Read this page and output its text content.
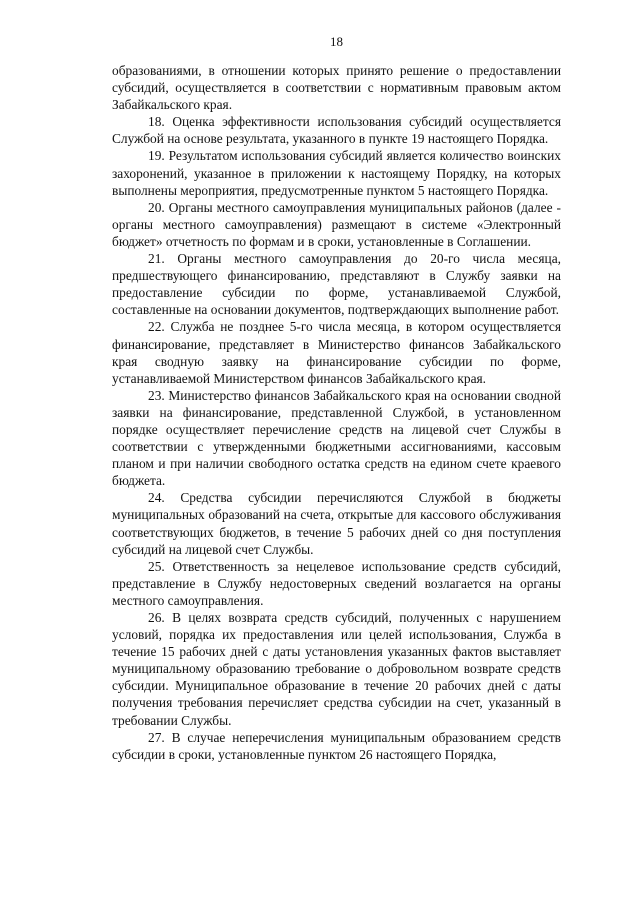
18

образованиями, в отношении которых принято решение о предоставлении субсидий, осуществляется в соответствии с нормативным правовым актом Забайкальского края.

18. Оценка эффективности использования субсидий осуществляется Службой на основе результата, указанного в пункте 19 настоящего Порядка.

19. Результатом использования субсидий является количество воинских захоронений, указанное в приложении к настоящему Порядку, на которых выполнены мероприятия, предусмотренные пунктом 5 настоящего Порядка.

20. Органы местного самоуправления муниципальных районов (далее - органы местного самоуправления) размещают в системе «Электронный бюджет» отчетность по формам и в сроки, установленные в Соглашении.

21. Органы местного самоуправления до 20-го числа месяца, предшествующего финансированию, представляют в Службу заявки на предоставление субсидии по форме, устанавливаемой Службой, составленные на основании документов, подтверждающих выполнение работ.

22. Служба не позднее 5-го числа месяца, в котором осуществляется финансирование, представляет в Министерство финансов Забайкальского края сводную заявку на финансирование субсидии по форме, устанавливаемой Министерством финансов Забайкальского края.

23. Министерство финансов Забайкальского края на основании сводной заявки на финансирование, представленной Службой, в установленном порядке осуществляет перечисление средств на лицевой счет Службы в соответствии с утвержденными бюджетными ассигнованиями, кассовым планом и при наличии свободного остатка средств на едином счете краевого бюджета.

24. Средства субсидии перечисляются Службой в бюджеты муниципальных образований на счета, открытые для кассового обслуживания соответствующих бюджетов, в течение 5 рабочих дней со дня поступления субсидий на лицевой счет Службы.

25. Ответственность за нецелевое использование средств субсидий, представление в Службу недостоверных сведений возлагается на органы местного самоуправления.

26. В целях возврата средств субсидий, полученных с нарушением условий, порядка их предоставления или целей использования, Служба в течение 15 рабочих дней с даты установления указанных фактов выставляет муниципальному образованию требование о добровольном возврате средств субсидии. Муниципальное образование в течение 20 рабочих дней с даты получения требования перечисляет средства субсидии на счет, указанный в требовании Службы.

27. В случае неперечисления муниципальным образованием средств субсидии в сроки, установленные пунктом 26 настоящего Порядка,
